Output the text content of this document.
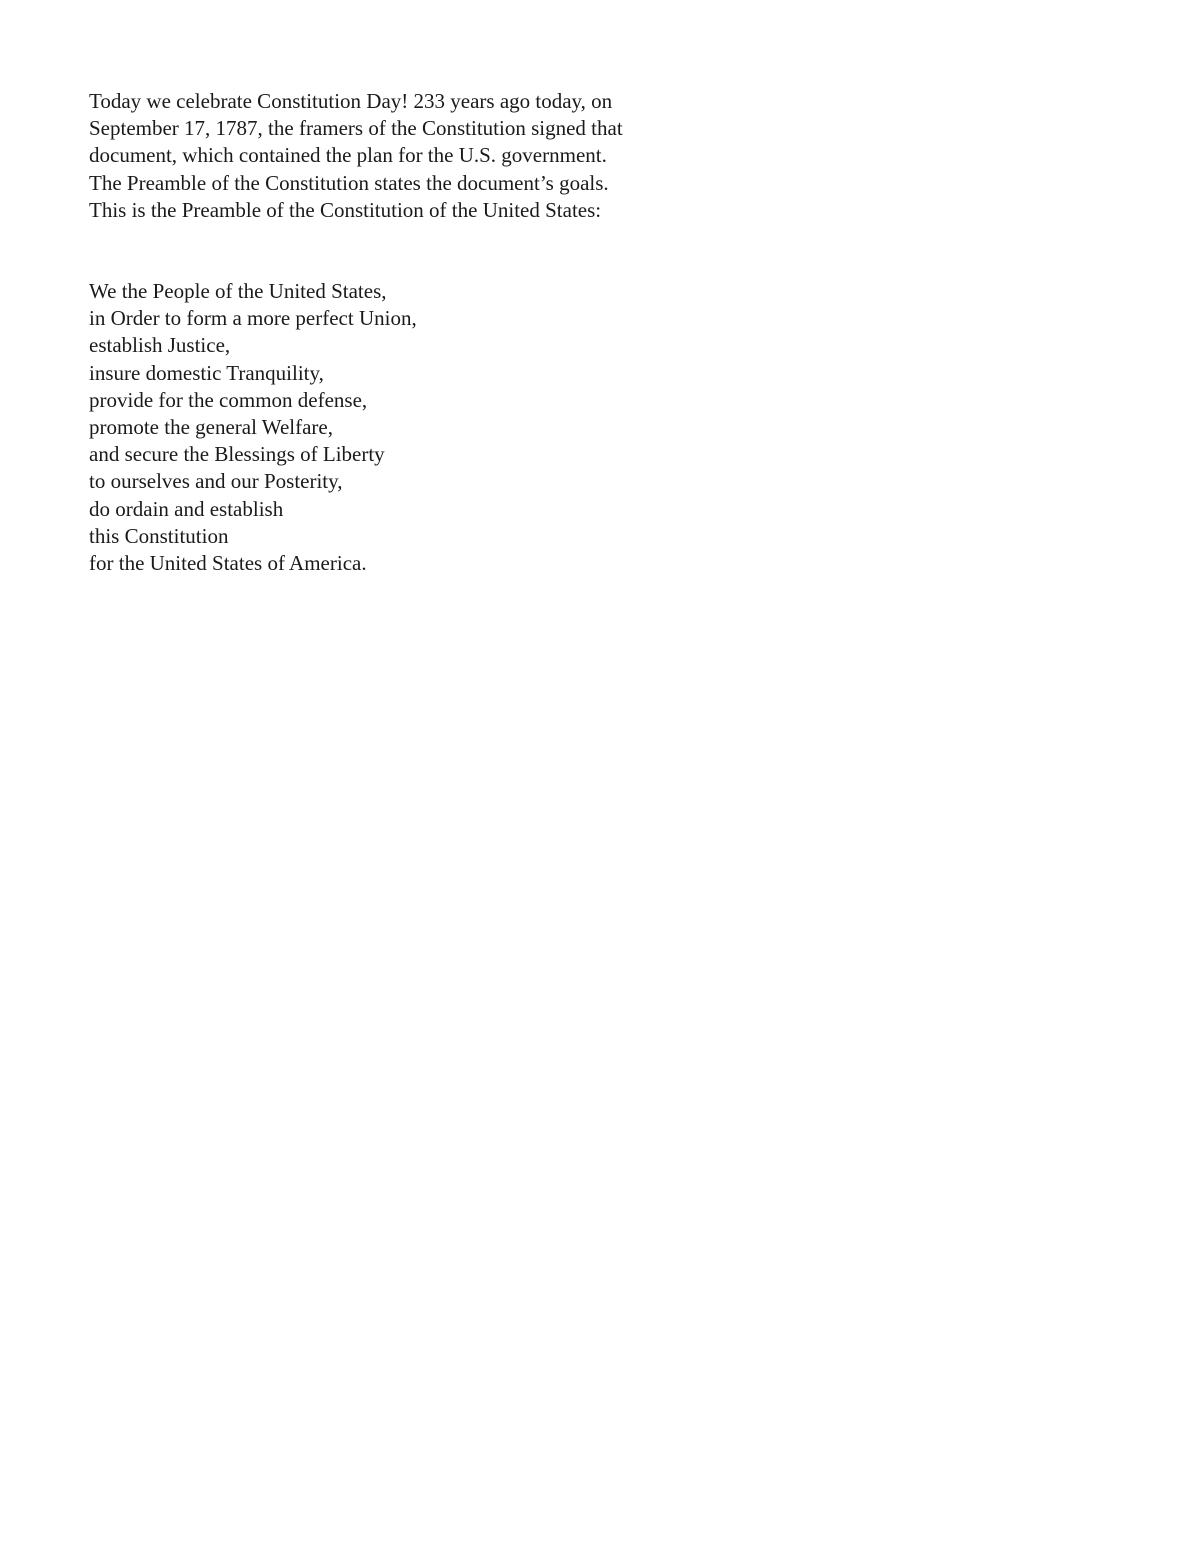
Today we celebrate Constitution Day! 233 years ago today, on
September 17, 1787, the framers of the Constitution signed that
document, which contained the plan for the U.S. government.
The Preamble of the Constitution states the document’s goals.
This is the Preamble of the Constitution of the United States:
We the People of the United States,
in Order to form a more perfect Union,
establish Justice,
insure domestic Tranquility,
provide for the common defense,
promote the general Welfare,
and secure the Blessings of Liberty
to ourselves and our Posterity,
do ordain and establish
this Constitution
for the United States of America.
